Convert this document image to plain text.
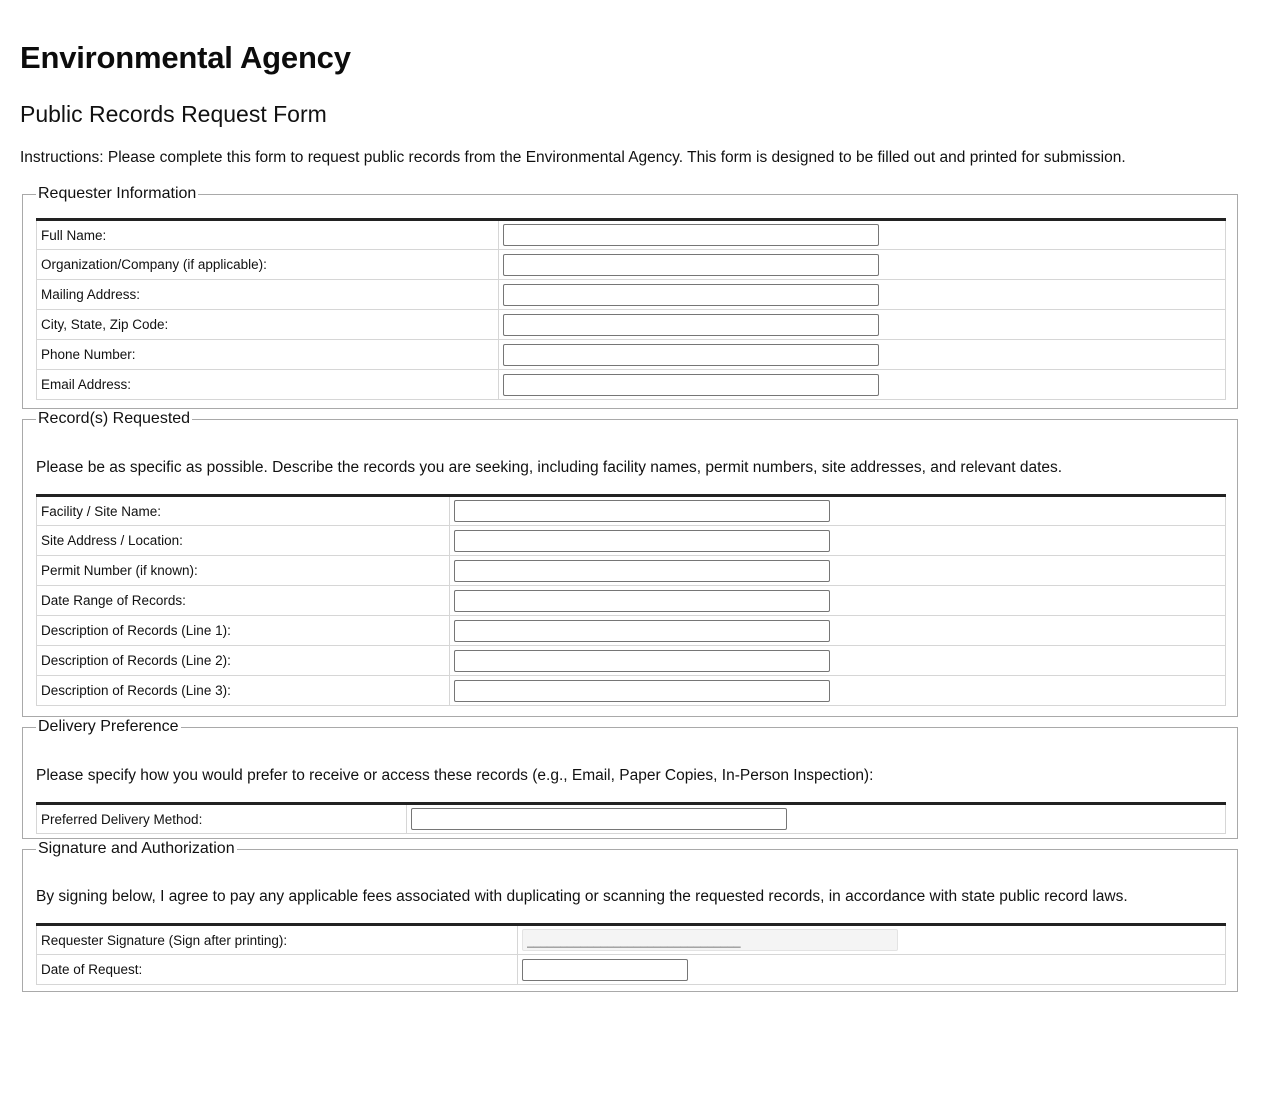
Environmental Agency
Public Records Request Form

Instructions: Please complete this form to request public records from the Environmental Agency. This form is designed to be filled out and printed for submission.

Requester Information
Full Name:	

Organization/Company (if applicable):	

Mailing Address:	

City, State, Zip Code:	

Phone Number:	

Email Address:	
Record(s) Requested

Please be as specific as possible. Describe the records you are seeking, including facility names, permit numbers, site addresses, and relevant dates.

Facility / Site Name:	

Site Address / Location:	

Permit Number (if known):	

Date Range of Records:	

Description of Records (Line 1):	

Description of Records (Line 2):	

Description of Records (Line 3):	
Delivery Preference

Please specify how you would prefer to receive or access these records (e.g., Email, Paper Copies, In-Person Inspection):

Preferred Delivery Method:	
Signature and Authorization

By signing below, I agree to pay any applicable fees associated with duplicating or scanning the requested records, in accordance with state public record laws.

Requester Signature (Sign after printing):	
________________________________
Date of Request:	
